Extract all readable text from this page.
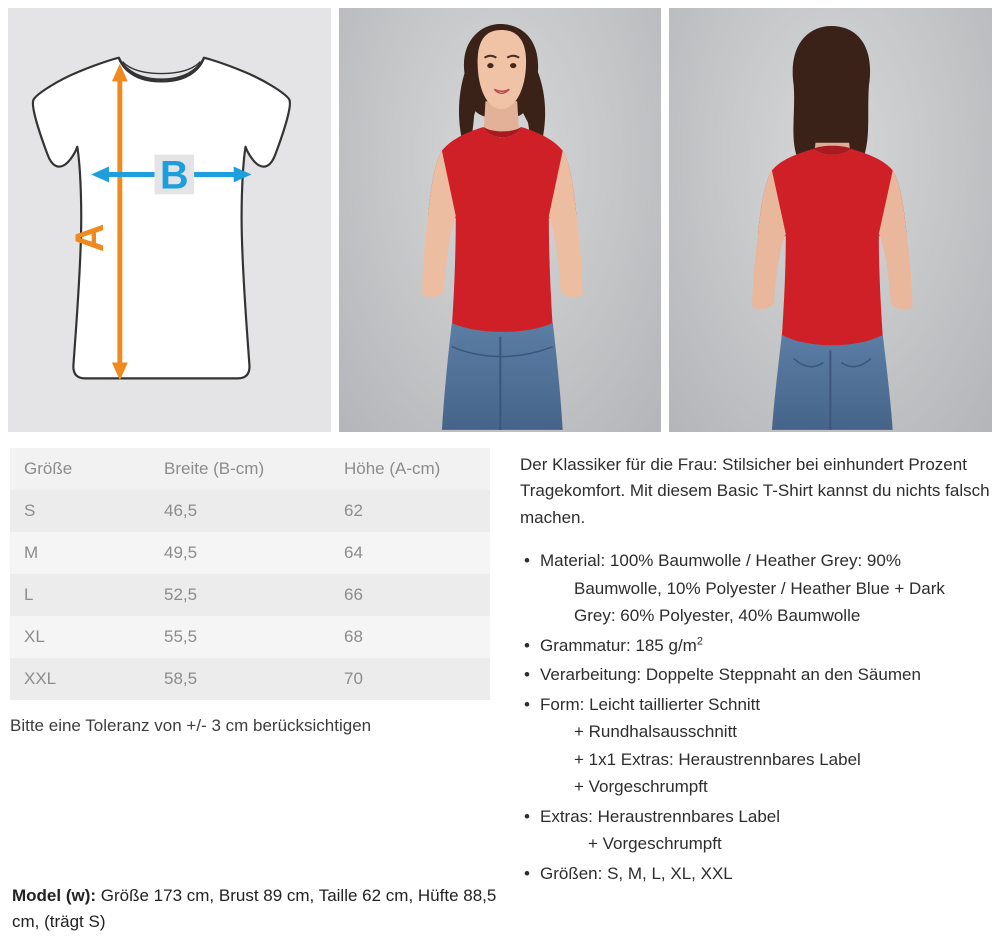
A
B
Größe	Breite (B-cm)	Höhe (A-cm)
S	46,5	62
M	49,5	64
L	52,5	66
XL	55,5	68
XXL	58,5	70
Bitte eine Toleranz von +/- 3 cm berücksichtigen

Der Klassiker für die Frau: Stilsicher bei einhundert Prozent Tragekomfort. Mit diesem Basic T-Shirt kannst du nichts falsch machen.

• Material: 100% Baumwolle / Heather Grey: 90%
Baumwolle, 10% Polyester / Heather Blue + Dark
Grey: 60% Polyester, 40% Baumwolle
• Grammatur: 185 $g/m^2$
• Verarbeitung: Doppelte Steppnaht an den Säumen
• Form: Leicht taillierter Schnitt
+ Rundhalsausschnitt
+ 1x1 Extras: Heraustrennbares Label
+ Vorgeschrumpft
• Extras: Heraustrennbares Label
+ Vorgeschrumpft
• Größen: S, M, L, XL, XXL
Model (w): Größe 173 cm, Brust 89 cm, Taille 62 cm, Hüfte 88,5 cm, (trägt S)
